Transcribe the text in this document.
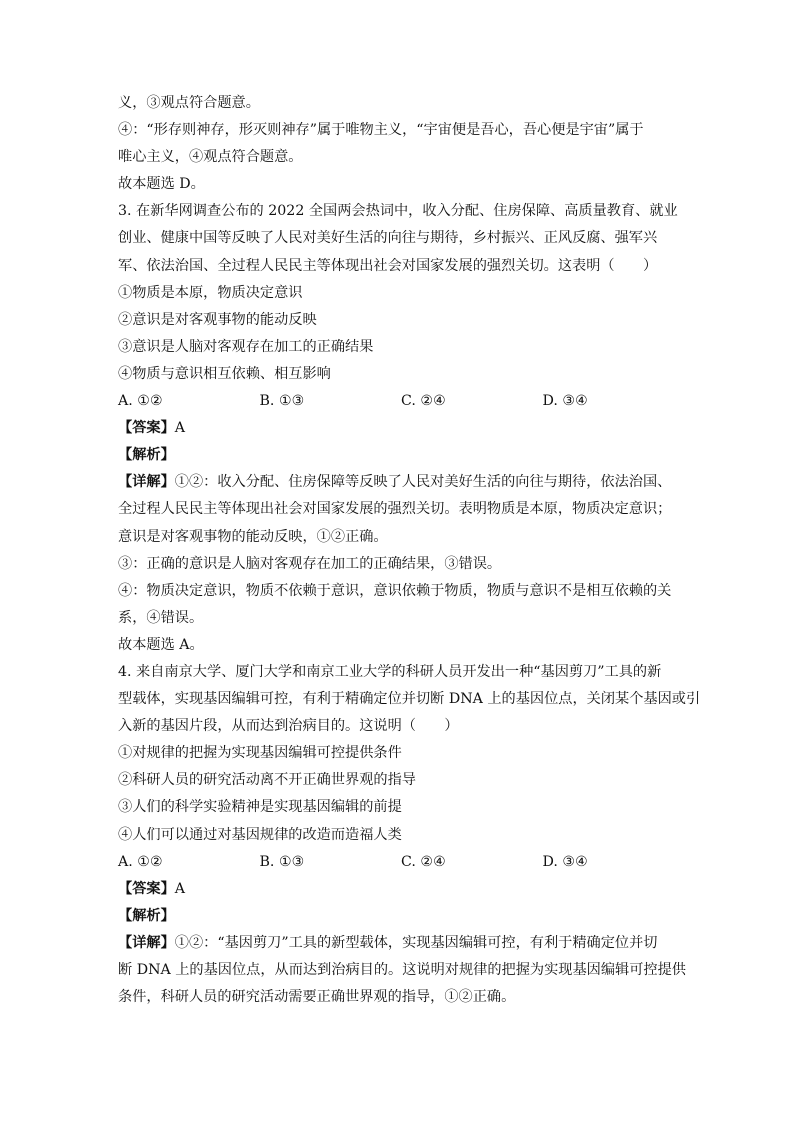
义，③观点符合题意。
④：“形存则神存，形灭则神存”属于唯物主义，“宇宙便是吾心，吾心便是宇宙”属于
唯心主义，④观点符合题意。
故本题选 D。
3. 在新华网调查公布的 2022 全国两会热词中，收入分配、住房保障、高质量教育、就业
创业、健康中国等反映了人民对美好生活的向往与期待，乡村振兴、正风反腐、强军兴
军、依法治国、全过程人民民主等体现出社会对国家发展的强烈关切。这表明（　　）
①物质是本原，物质决定意识
②意识是对客观事物的能动反映
③意识是人脑对客观存在加工的正确结果
④物质与意识相互依赖、相互影响
A. ①②	B. ①③	C. ②④	D. ③④
【答案】A
【解析】
【详解】①②：收入分配、住房保障等反映了人民对美好生活的向往与期待，依法治国、
全过程人民民主等体现出社会对国家发展的强烈关切。表明物质是本原，物质决定意识；
意识是对客观事物的能动反映，①②正确。
③：正确的意识是人脑对客观存在加工的正确结果，③错误。
④：物质决定意识，物质不依赖于意识，意识依赖于物质，物质与意识不是相互依赖的关
系，④错误。
故本题选 A。
4. 来自南京大学、厦门大学和南京工业大学的科研人员开发出一种“基因剪刀”工具的新
型载体，实现基因编辑可控，有利于精确定位并切断 DNA 上的基因位点，关闭某个基因或引
入新的基因片段，从而达到治病目的。这说明（　　）
①对规律的把握为实现基因编辑可控提供条件
②科研人员的研究活动离不开正确世界观的指导
③人们的科学实验精神是实现基因编辑的前提
④人们可以通过对基因规律的改造而造福人类
A. ①②	B. ①③	C. ②④	D. ③④
【答案】A
【解析】
【详解】①②：“基因剪刀”工具的新型载体，实现基因编辑可控，有利于精确定位并切
断 DNA 上的基因位点，从而达到治病目的。这说明对规律的把握为实现基因编辑可控提供
条件，科研人员的研究活动需要正确世界观的指导，①②正确。
